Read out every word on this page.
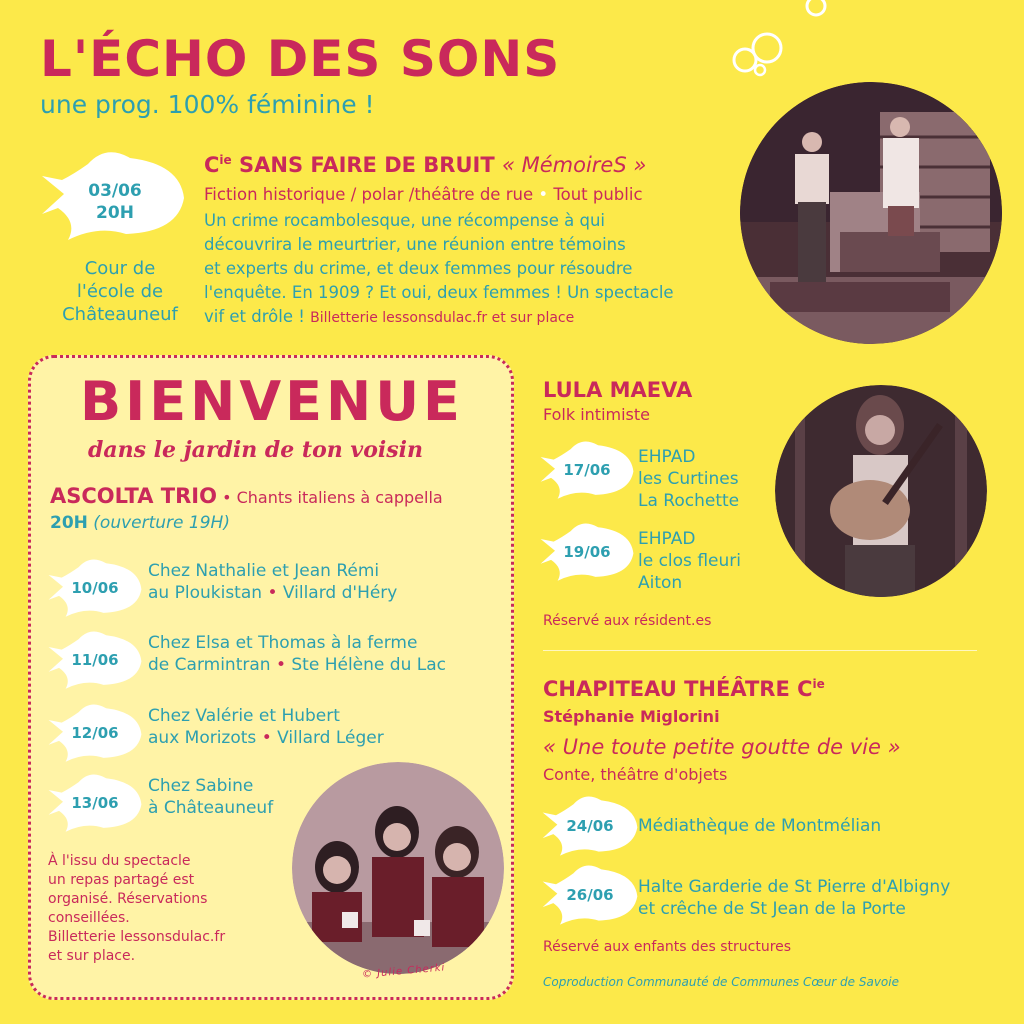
L'ÉCHO DES SONS
une prog. 100% féminine !
03/06
20H
Cour de
l'école de
Châteauneuf
$C^{ie}$ SANS FAIRE DE BRUIT « MémoireS »
Fiction historique / polar /théâtre de rue • Tout public
Un crime rocambolesque, une récompense à qui
découvrira le meurtrier, une réunion entre témoins
et experts du crime, et deux femmes pour résoudre
l'enquête. En 1909 ? Et oui, deux femmes ! Un spectacle
vif et drôle ! Billetterie lessonsdulac.fr et sur place
BIENVENUE
dans le jardin de ton voisin
ASCOLTA TRIO • Chants italiens à cappella
20H (ouverture 19H)
10/06
Chez Nathalie et Jean Rémi
au Ploukistan • Villard d'Héry
11/06
Chez Elsa et Thomas à la ferme
de Carmintran • Ste Hélène du Lac
12/06
Chez Valérie et Hubert
aux Morizots • Villard Léger
13/06
Chez Sabine
à Châteauneuf
À l'issu du spectacle
un repas partagé est
organisé. Réservations
conseillées.
Billetterie lessonsdulac.fr
et sur place.
© Julie Cherki
LULA MAEVA
Folk intimiste
17/06
EHPAD
les Curtines
La Rochette
19/06
EHPAD
le clos fleuri
Aiton
Réservé aux résident.es
CHAPITEAU THÉÂTRE $C^{ie}$
Stéphanie Miglorini
« Une toute petite goutte de vie »
Conte, théâtre d'objets
24/06	Médiathèque de Montmélian
26/06	Halte Garderie de St Pierre d'Albigny
et crêche de St Jean de la Porte
Réservé aux enfants des structures
Coproduction Communauté de Communes Cœur de Savoie
